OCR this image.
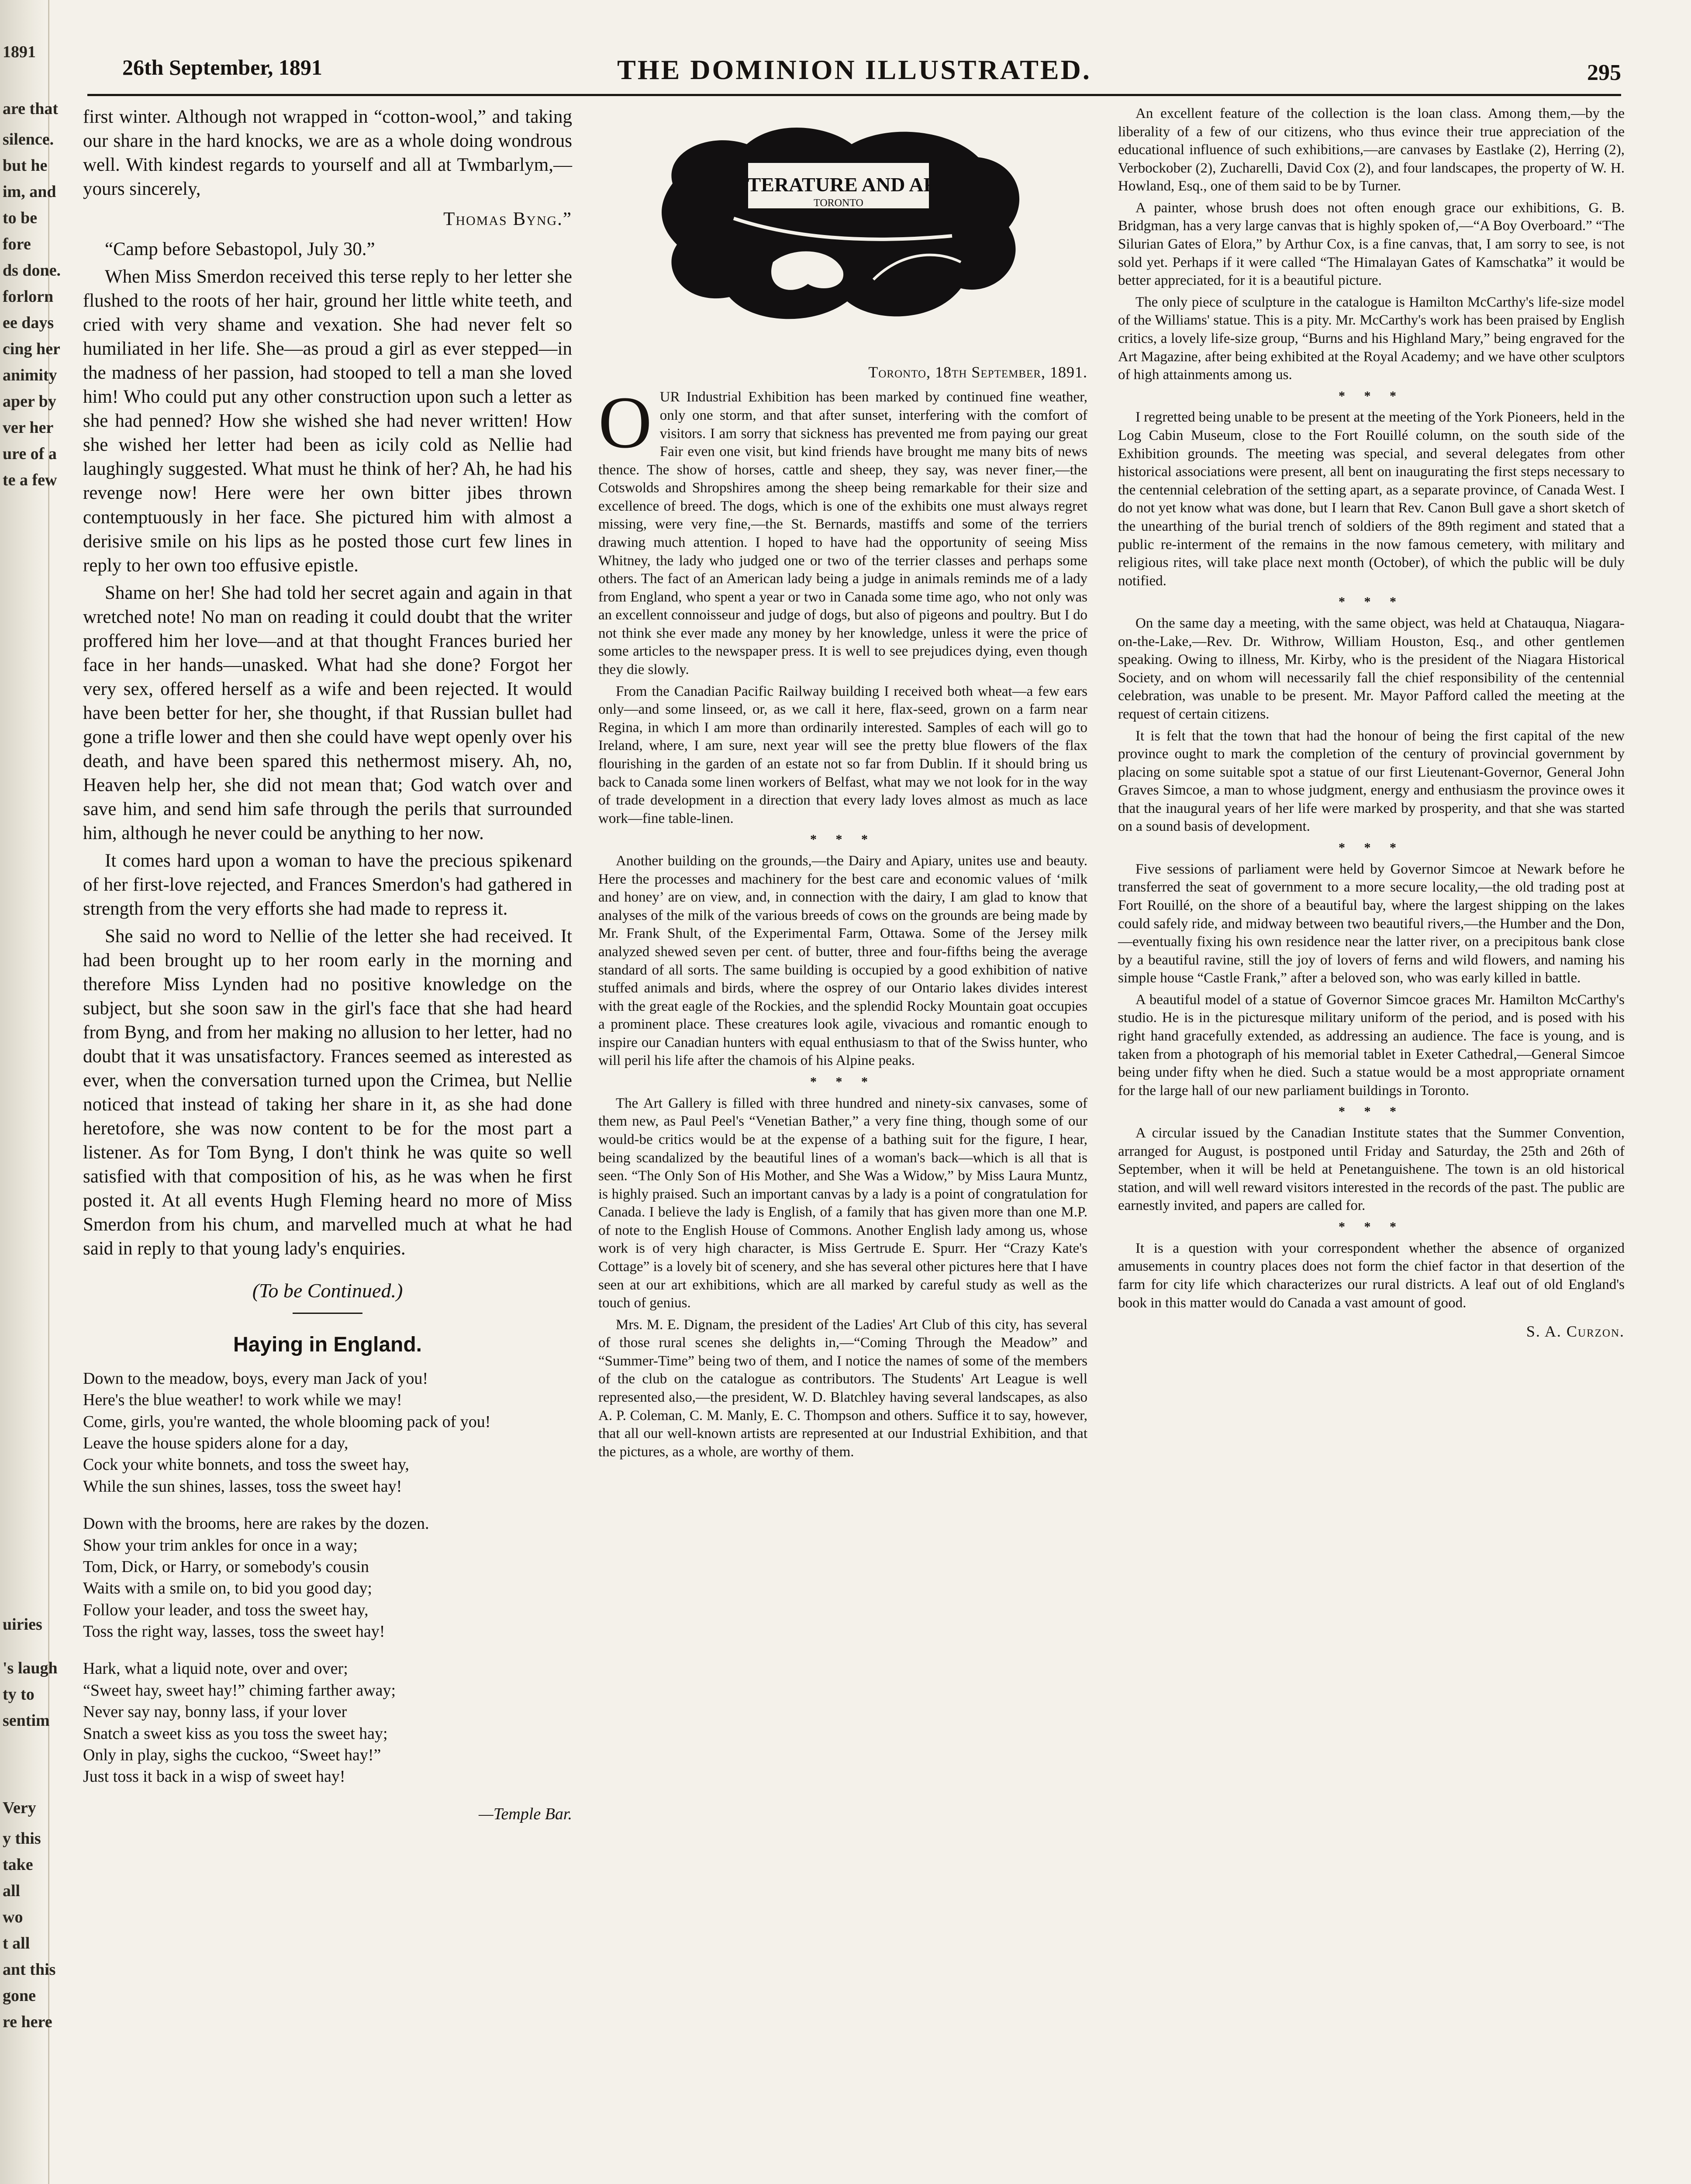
1891
are that
silence.
but he
im, and
to be
fore
ds done.
forlorn
ee days
cing her
animity
aper by
ver her
ure of a
te a few
uiries
's laugh
ty to
sentim
Very
y this
take
all
wo
t all
ant this
gone
re here
26th September, 1891	THE DOMINION ILLUSTRATED.	295

first winter. Although not wrapped in “cotton-wool,” and taking our share in the hard knocks, we are as a whole doing wondrous well. With kindest regards to yourself and all at Twmbarlym,—yours sincerely,

Thomas Byng.”

“Camp before Sebastopol, July 30.”

When Miss Smerdon received this terse reply to her letter she flushed to the roots of her hair, ground her little white teeth, and cried with very shame and vexation. She had never felt so humiliated in her life. She—as proud a girl as ever stepped—in the madness of her passion, had stooped to tell a man she loved him! Who could put any other construction upon such a letter as she had penned? How she wished she had never written! How she wished her letter had been as icily cold as Nellie had laughingly suggested. What must he think of her? Ah, he had his revenge now! Here were her own bitter jibes thrown contemptuously in her face. She pictured him with almost a derisive smile on his lips as he posted those curt few lines in reply to her own too effusive epistle.

Shame on her! She had told her secret again and again in that wretched note! No man on reading it could doubt that the writer proffered him her love—and at that thought Frances buried her face in her hands—unasked. What had she done? Forgot her very sex, offered herself as a wife and been rejected. It would have been better for her, she thought, if that Russian bullet had gone a trifle lower and then she could have wept openly over his death, and have been spared this nethermost misery. Ah, no, Heaven help her, she did not mean that; God watch over and save him, and send him safe through the perils that surrounded him, although he never could be anything to her now.

It comes hard upon a woman to have the precious spikenard of her first-love rejected, and Frances Smerdon's had gathered in strength from the very efforts she had made to repress it.

She said no word to Nellie of the letter she had received. It had been brought up to her room early in the morning and therefore Miss Lynden had no positive knowledge on the subject, but she soon saw in the girl's face that she had heard from Byng, and from her making no allusion to her letter, had no doubt that it was unsatisfactory. Frances seemed as interested as ever, when the conversation turned upon the Crimea, but Nellie noticed that instead of taking her share in it, as she had done heretofore, she was now content to be for the most part a listener. As for Tom Byng, I don't think he was quite so well satisfied with that composition of his, as he was when he first posted it. At all events Hugh Fleming heard no more of Miss Smerdon from his chum, and marvelled much at what he had said in reply to that young lady's enquiries.

(To be Continued.)
Haying in England.
Down to the meadow, boys, every man Jack of you!
Here's the blue weather! to work while we may!
Come, girls, you're wanted, the whole blooming pack of you!
Leave the house spiders alone for a day,
Cock your white bonnets, and toss the sweet hay,
While the sun shines, lasses, toss the sweet hay!
Down with the brooms, here are rakes by the dozen.
Show your trim ankles for once in a way;
Tom, Dick, or Harry, or somebody's cousin
Waits with a smile on, to bid you good day;
Follow your leader, and toss the sweet hay,
Toss the right way, lasses, toss the sweet hay!
Hark, what a liquid note, over and over;
“Sweet hay, sweet hay!” chiming farther away;
Never say nay, bonny lass, if your lover
Snatch a sweet kiss as you toss the sweet hay;
Only in play, sighs the cuckoo, “Sweet hay!”
Just toss it back in a wisp of sweet hay!
—Temple Bar.
LITERATURE AND ART
TORONTO
Toronto, 18th September, 1891.

OUR Industrial Exhibition has been marked by continued fine weather, only one storm, and that after sunset, interfering with the comfort of visitors. I am sorry that sickness has prevented me from paying our great Fair even one visit, but kind friends have brought me many bits of news thence. The show of horses, cattle and sheep, they say, was never finer,—the Cotswolds and Shropshires among the sheep being remarkable for their size and excellence of breed. The dogs, which is one of the exhibits one must always regret missing, were very fine,—the St. Bernards, mastiffs and some of the terriers drawing much attention. I hoped to have had the opportunity of seeing Miss Whitney, the lady who judged one or two of the terrier classes and perhaps some others. The fact of an American lady being a judge in animals reminds me of a lady from England, who spent a year or two in Canada some time ago, who not only was an excellent connoisseur and judge of dogs, but also of pigeons and poultry. But I do not think she ever made any money by her knowledge, unless it were the price of some articles to the newspaper press. It is well to see prejudices dying, even though they die slowly.

From the Canadian Pacific Railway building I received both wheat—a few ears only—and some linseed, or, as we call it here, flax-seed, grown on a farm near Regina, in which I am more than ordinarily interested. Samples of each will go to Ireland, where, I am sure, next year will see the pretty blue flowers of the flax flourishing in the garden of an estate not so far from Dublin. If it should bring us back to Canada some linen workers of Belfast, what may we not look for in the way of trade development in a direction that every lady loves almost as much as lace work—fine table-linen.

* * *

Another building on the grounds,—the Dairy and Apiary, unites use and beauty. Here the processes and machinery for the best care and economic values of ‘milk and honey’ are on view, and, in connection with the dairy, I am glad to know that analyses of the milk of the various breeds of cows on the grounds are being made by Mr. Frank Shult, of the Experimental Farm, Ottawa. Some of the Jersey milk analyzed shewed seven per cent. of butter, three and four-fifths being the average standard of all sorts. The same building is occupied by a good exhibition of native stuffed animals and birds, where the osprey of our Ontario lakes divides interest with the great eagle of the Rockies, and the splendid Rocky Mountain goat occupies a prominent place. These creatures look agile, vivacious and romantic enough to inspire our Canadian hunters with equal enthusiasm to that of the Swiss hunter, who will peril his life after the chamois of his Alpine peaks.

* * *

The Art Gallery is filled with three hundred and ninety-six canvases, some of them new, as Paul Peel's “Venetian Bather,” a very fine thing, though some of our would-be critics would be at the expense of a bathing suit for the figure, I hear, being scandalized by the beautiful lines of a woman's back—which is all that is seen. “The Only Son of His Mother, and She Was a Widow,” by Miss Laura Muntz, is highly praised. Such an important canvas by a lady is a point of congratulation for Canada. I believe the lady is English, of a family that has given more than one M.P. of note to the English House of Commons. Another English lady among us, whose work is of very high character, is Miss Gertrude E. Spurr. Her “Crazy Kate's Cottage” is a lovely bit of scenery, and she has several other pictures here that I have seen at our art exhibitions, which are all marked by careful study as well as the touch of genius.

Mrs. M. E. Dignam, the president of the Ladies' Art Club of this city, has several of those rural scenes she delights in,—“Coming Through the Meadow” and “Summer-Time” being two of them, and I notice the names of some of the members of the club on the catalogue as contributors. The Students' Art League is well represented also,—the president, W. D. Blatchley having several landscapes, as also A. P. Coleman, C. M. Manly, E. C. Thompson and others. Suffice it to say, however, that all our well-known artists are represented at our Industrial Exhibition, and that the pictures, as a whole, are worthy of them.

An excellent feature of the collection is the loan class. Among them,—by the liberality of a few of our citizens, who thus evince their true appreciation of the educational influence of such exhibitions,—are canvases by Eastlake (2), Herring (2), Verbockober (2), Zucharelli, David Cox (2), and four landscapes, the property of W. H. Howland, Esq., one of them said to be by Turner.

A painter, whose brush does not often enough grace our exhibitions, G. B. Bridgman, has a very large canvas that is highly spoken of,—“A Boy Overboard.” “The Silurian Gates of Elora,” by Arthur Cox, is a fine canvas, that, I am sorry to see, is not sold yet. Perhaps if it were called “The Himalayan Gates of Kamschatka” it would be better appreciated, for it is a beautiful picture.

The only piece of sculpture in the catalogue is Hamilton McCarthy's life-size model of the Williams' statue. This is a pity. Mr. McCarthy's work has been praised by English critics, a lovely life-size group, “Burns and his Highland Mary,” being engraved for the Art Magazine, after being exhibited at the Royal Academy; and we have other sculptors of high attainments among us.

* * *

I regretted being unable to be present at the meeting of the York Pioneers, held in the Log Cabin Museum, close to the Fort Rouillé column, on the south side of the Exhibition grounds. The meeting was special, and several delegates from other historical associations were present, all bent on inaugurating the first steps necessary to the centennial celebration of the setting apart, as a separate province, of Canada West. I do not yet know what was done, but I learn that Rev. Canon Bull gave a short sketch of the unearthing of the burial trench of soldiers of the 89th regiment and stated that a public re-interment of the remains in the now famous cemetery, with military and religious rites, will take place next month (October), of which the public will be duly notified.

* * *

On the same day a meeting, with the same object, was held at Chatauqua, Niagara-on-the-Lake,—Rev. Dr. Withrow, William Houston, Esq., and other gentlemen speaking. Owing to illness, Mr. Kirby, who is the president of the Niagara Historical Society, and on whom will necessarily fall the chief responsibility of the centennial celebration, was unable to be present. Mr. Mayor Pafford called the meeting at the request of certain citizens.

It is felt that the town that had the honour of being the first capital of the new province ought to mark the completion of the century of provincial government by placing on some suitable spot a statue of our first Lieutenant-Governor, General John Graves Simcoe, a man to whose judgment, energy and enthusiasm the province owes it that the inaugural years of her life were marked by prosperity, and that she was started on a sound basis of development.

* * *

Five sessions of parliament were held by Governor Simcoe at Newark before he transferred the seat of government to a more secure locality,—the old trading post at Fort Rouillé, on the shore of a beautiful bay, where the largest shipping on the lakes could safely ride, and midway between two beautiful rivers,—the Humber and the Don,—eventually fixing his own residence near the latter river, on a precipitous bank close by a beautiful ravine, still the joy of lovers of ferns and wild flowers, and naming his simple house “Castle Frank,” after a beloved son, who was early killed in battle.

A beautiful model of a statue of Governor Simcoe graces Mr. Hamilton McCarthy's studio. He is in the picturesque military uniform of the period, and is posed with his right hand gracefully extended, as addressing an audience. The face is young, and is taken from a photograph of his memorial tablet in Exeter Cathedral,—General Simcoe being under fifty when he died. Such a statue would be a most appropriate ornament for the large hall of our new parliament buildings in Toronto.

* * *

A circular issued by the Canadian Institute states that the Summer Convention, arranged for August, is postponed until Friday and Saturday, the 25th and 26th of September, when it will be held at Penetanguishene. The town is an old historical station, and will well reward visitors interested in the records of the past. The public are earnestly invited, and papers are called for.

* * *

It is a question with your correspondent whether the absence of organized amusements in country places does not form the chief factor in that desertion of the farm for city life which characterizes our rural districts. A leaf out of old England's book in this matter would do Canada a vast amount of good.

S. A. Curzon.
